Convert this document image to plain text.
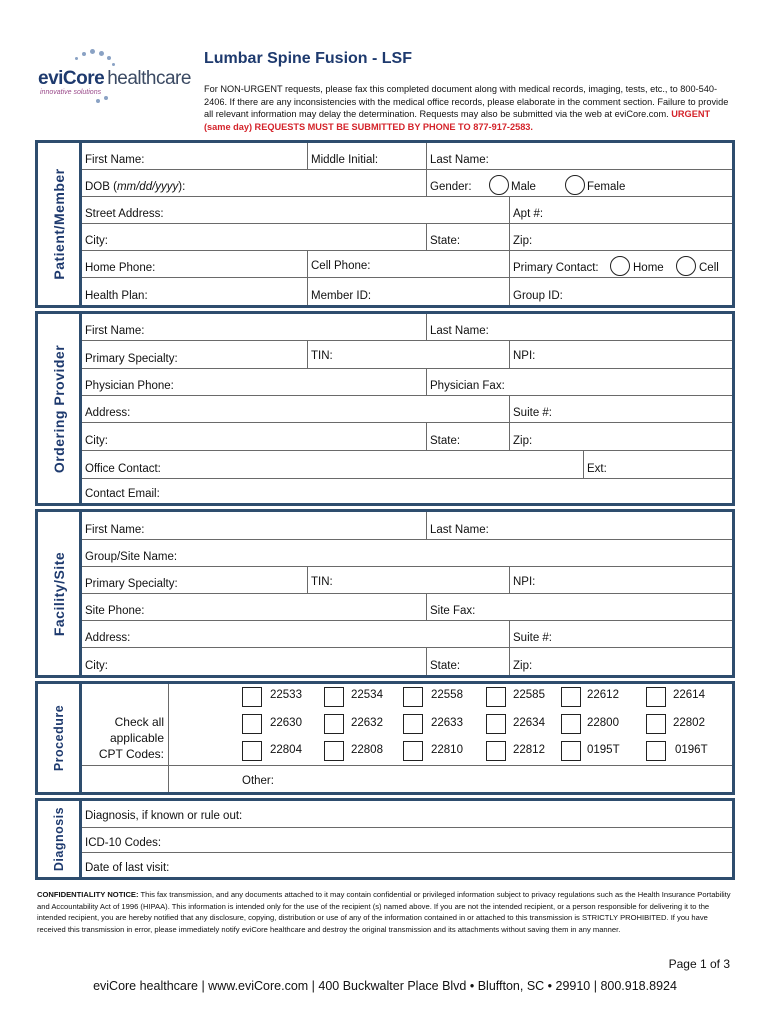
eviCore healthcare
innovative solutions
Lumbar Spine Fusion - LSF
For NON-URGENT requests, please fax this completed document along with medical records, imaging, tests, etc., to 800-540-2406. If there are any inconsistencies with the medical office records, please elaborate in the comment section. Failure to provide all relevant information may delay the determination. Requests may also be submitted via the web at eviCore.com. URGENT (same day) REQUESTS MUST BE SUBMITTED BY PHONE TO 877-917-2583.
Patient/Member
First Name:	Middle Initial:	Last Name:
DOB (mm/dd/yyyy):	Gender:	Male	Female
Street Address:	Apt #:
City:	State:	Zip:
Home Phone:	Cell Phone:	Primary Contact:	Home	Cell
Health Plan:	Member ID:	Group ID:
Ordering Provider
First Name:	Last Name:
Primary Specialty:	TIN:	NPI:
Physician Phone:	Physician Fax:
Address:	Suite #:
City:	State:	Zip:
Office Contact:	Ext:
Contact Email:
Facility/Site
First Name:	Last Name:
Group/Site Name:
Primary Specialty:	TIN:	NPI:
Site Phone:	Site Fax:
Address:	Suite #:
City:	State:	Zip:
Procedure	Check all
applicable
CPT Codes:
22533	22534	22558	22585	22612	22614
22630	22632	22633	22634	22800	22802
22804	22808	22810	22812	0195T	0196T
Other:
Diagnosis Diagnosis, if known or rule out:
ICD-10 Codes:
Date of last visit:
CONFIDENTIALITY NOTICE: This fax transmission, and any documents attached to it may contain confidential or privileged information subject to privacy regulations such as the Health Insurance Portability and Accountability Act of 1996 (HIPAA). This information is intended only for the use of the recipient (s) named above. If you are not the intended recipient, or a person responsible for delivering it to the intended recipient, you are hereby notified that any disclosure, copying, distribution or use of any of the information contained in or attached to this transmission is STRICTLY PROHIBITED. If you have received this transmission in error, please immediately notify eviCore healthcare and destroy the original transmission and its attachments without saving them in any manner.
Page 1 of 3
eviCore healthcare | www.eviCore.com | 400 Buckwalter Place Blvd • Bluffton, SC • 29910 | 800.918.8924
